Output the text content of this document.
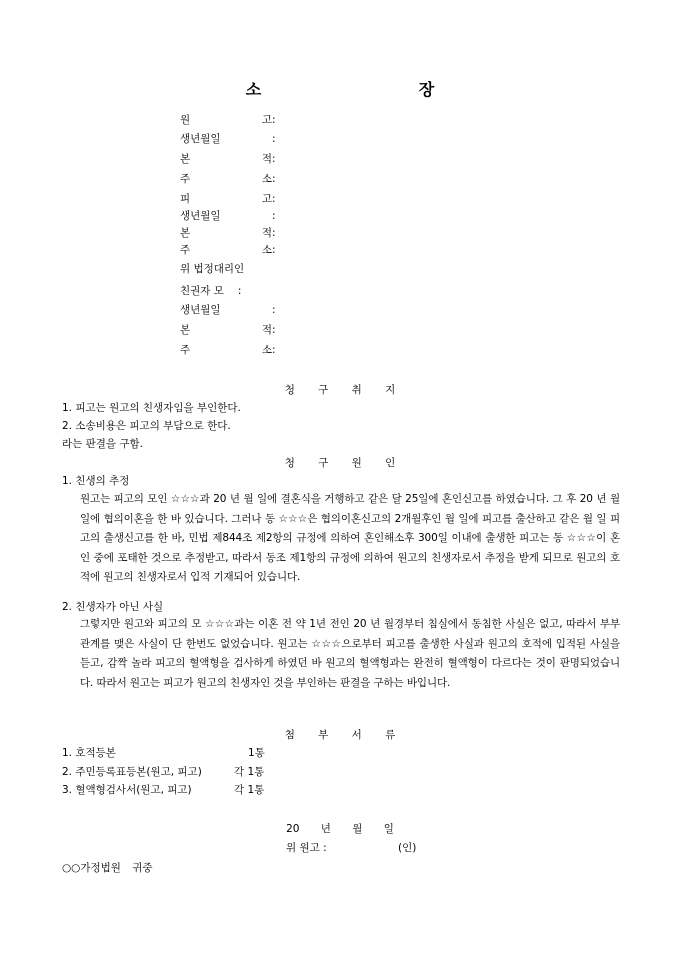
소 장
원 고:
생년월일	:
본 적:
주 소:
피 고:
생년월일	:
본 적:
주 소:
위 법정대리인
친권자 모 :
생년월일	:
본 적:
주 소:
청 구 취 지
1. 피고는 원고의 친생자임을 부인한다.
2. 소송비용은 피고의 부담으로 한다.
라는 판결을 구함.
청 구 원 인
1. 친생의 추정
원고는 피고의 모인 ☆☆☆과 20 년 월 일에 결혼식을 거행하고 같은 달 25일에 혼인신고를 하였습니다. 그 후 20 년 월 일에 협의이혼을 한 바 있습니다. 그러나 동 ☆☆☆은 협의이혼신고의 2개월후인 월 일에 피고를 출산하고 같은 월 일 피고의 출생신고를 한 바, 민법 제844조 제2항의 규정에 의하여 혼인해소후 300일 이내에 출생한 피고는 동 ☆☆☆이 혼인 중에 포태한 것으로 추정받고, 따라서 동조 제1항의 규정에 의하여 원고의 친생자로서 추정을 받게 되므로 원고의 호적에 원고의 친생자로서 입적 기재되어 있습니다.
2. 친생자가 아닌 사실
그렇지만 원고와 피고의 모 ☆☆☆과는 이혼 전 약 1년 전인 20 년 월경부터 침실에서 동침한 사실은 없고, 따라서 부부관계를 맺은 사실이 단 한번도 없었습니다. 원고는 ☆☆☆으로부터 피고를 출생한 사실과 원고의 호적에 입적된 사실을 듣고, 감짝 놀라 피고의 혈액형을 검사하게 하였던 바 원고의 혈액형과는 완전히 혈액형이 다르다는 것이 판명되었습니다. 따라서 원고는 피고가 원고의 친생자인 것을 부인하는 판결을 구하는 바입니다.
첨 부 서 류
1. 호적등본	1통
2. 주민등록표등본(원고, 피고)	각 1통
3. 혈액형검사서(원고, 피고)	각 1통
20 년 월 일
위 원고 :	(인)
○○가정법원 귀중
